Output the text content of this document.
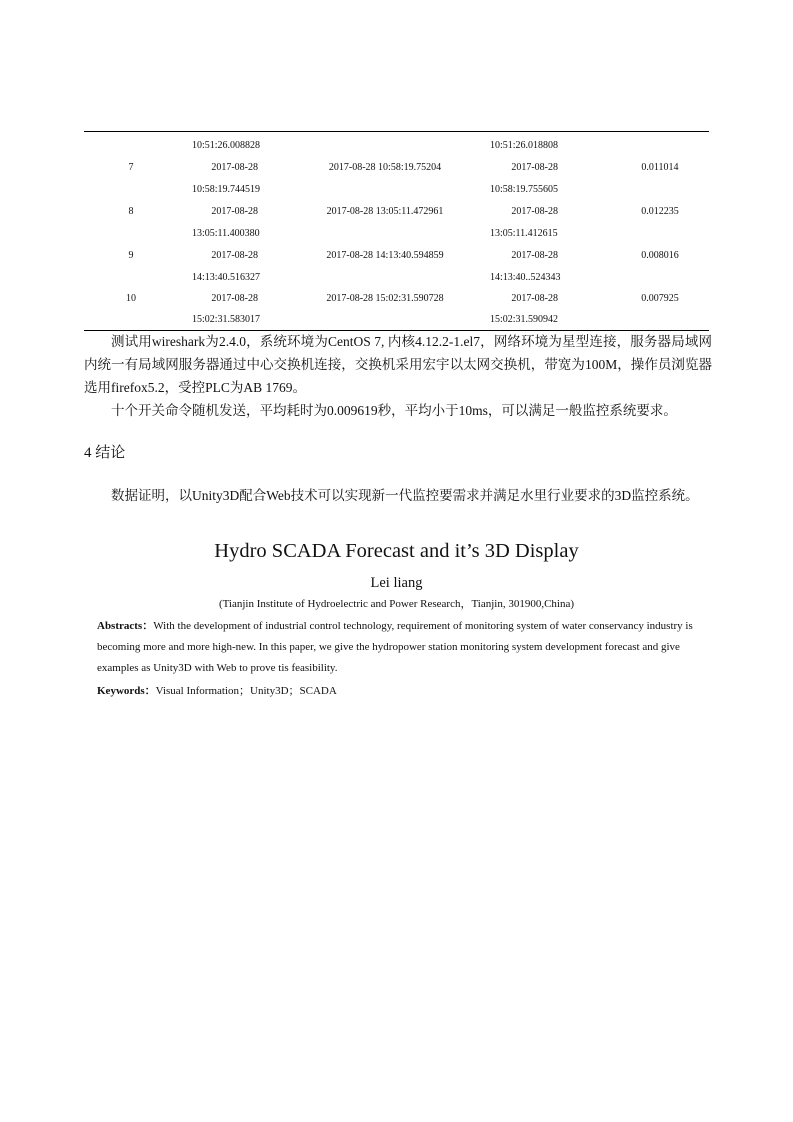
10:51:26.008828	10:51:26.018808
7	2017-08-28	2017-08-28 10:58:19.75204	2017-08-28	0.011014
10:58:19.744519	10:58:19.755605
8	2017-08-28	2017-08-28 13:05:11.472961	2017-08-28	0.012235
13:05:11.400380	13:05:11.412615
9	2017-08-28	2017-08-28 14:13:40.594859	2017-08-28	0.008016
14:13:40.516327	14:13:40..524343
10	2017-08-28	2017-08-28 15:02:31.590728	2017-08-28	0.007925
15:02:31.583017	15:02:31.590942

测试用wireshark为2.4.0，系统环境为CentOS 7, 内核4.12.2-1.el7，网络环境为星型连接，服务器局域网内统一有局域网服务器通过中心交换机连接，交换机采用宏宇以太网交换机，带宽为100M，操作员浏览器选用firefox5.2，受控PLC为AB 1769。

十个开关命令随机发送，平均耗时为0.009619秒，平均小于10ms，可以满足一般监控系统要求。

4 结论

数据证明，以Unity3D配合Web技术可以实现新一代监控要需求并满足水里行业要求的3D监控系统。

Hydro SCADA Forecast and it’s 3D Display
Lei liang
(Tianjin Institute of Hydroelectric and Power Research，Tianjin, 301900,China)
Abstracts：With the development of industrial control technology, requirement of monitoring system of water conservancy industry is becoming more and more high-new. In this paper, we give the hydropower station monitoring system development forecast and give examples as Unity3D with Web to prove tis feasibility.
Keywords：Visual Information；Unity3D；SCADA
